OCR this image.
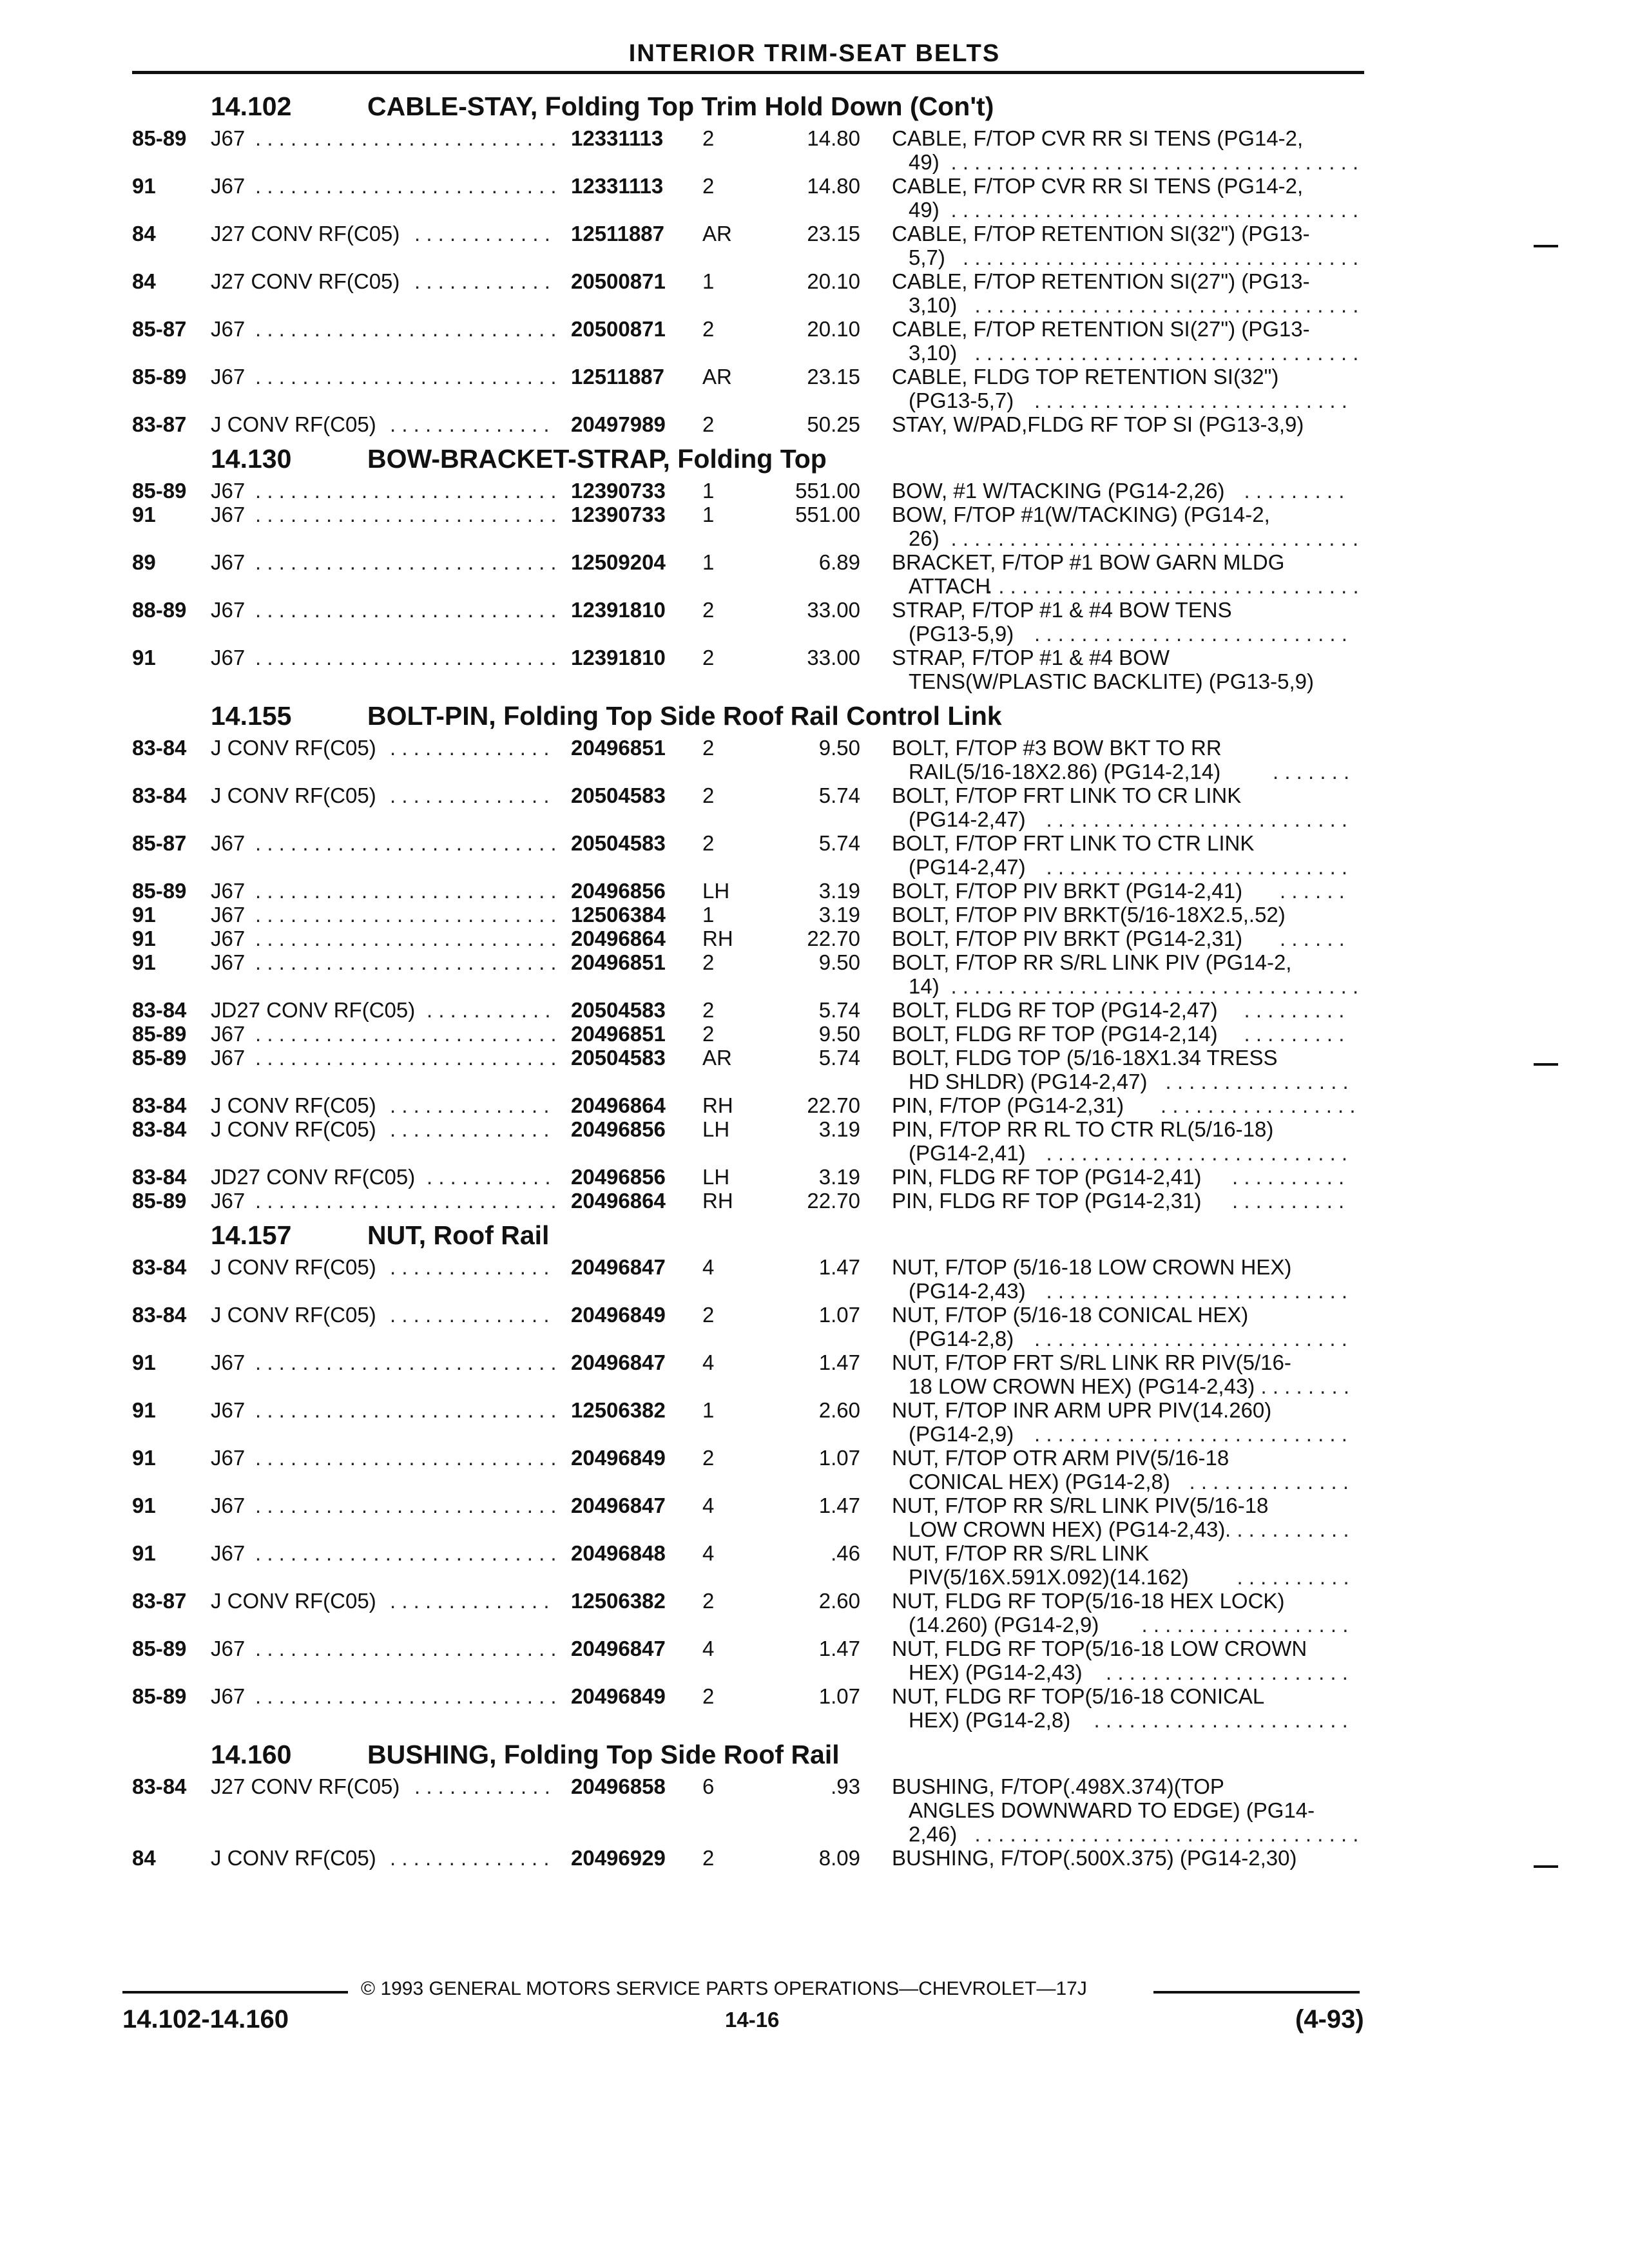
INTERIOR TRIM-SEAT BELTS
14.102	CABLE-STAY, Folding Top Trim Hold Down (Con't)
85-89 J67 . . . . . . . . . . . . . . . . . . . . . . . . . . 12331113 2	14.80 CABLE, F/TOP CVR RR SI TENS (PG14-2,
49) . . . . . . . . . . . . . . . . . . . . . . . . . . . . . . . . . . .
91	J67 . . . . . . . . . . . . . . . . . . . . . . . . . . 12331113 2	14.80 CABLE, F/TOP CVR RR SI TENS (PG14-2,
49) . . . . . . . . . . . . . . . . . . . . . . . . . . . . . . . . . . .
84	J27 CONV RF(C05) . . . . . . . . . . . . 12511887 AR	23.15 CABLE, F/TOP RETENTION SI(32") (PG13-
5,7) . . . . . . . . . . . . . . . . . . . . . . . . . . . . . . . . . .
84	J27 CONV RF(C05) . . . . . . . . . . . . 20500871 1	20.10 CABLE, F/TOP RETENTION SI(27") (PG13-
3,10) . . . . . . . . . . . . . . . . . . . . . . . . . . . . . . . . .
85-87 J67 . . . . . . . . . . . . . . . . . . . . . . . . . . 20500871 2	20.10 CABLE, F/TOP RETENTION SI(27") (PG13-
3,10) . . . . . . . . . . . . . . . . . . . . . . . . . . . . . . . . .
85-89 J67 . . . . . . . . . . . . . . . . . . . . . . . . . . 12511887 AR	23.15 CABLE, FLDG TOP RETENTION SI(32")
(PG13-5,7) . . . . . . . . . . . . . . . . . . . . . . . . . . .
83-87 J CONV RF(C05) . . . . . . . . . . . . . . 20497989 2	50.25 STAY, W/PAD,FLDG RF TOP SI (PG13-3,9)
14.130	BOW-BRACKET-STRAP, Folding Top
85-89 J67 . . . . . . . . . . . . . . . . . . . . . . . . . . 12390733 1	551.00 BOW, #1 W/TACKING (PG14-2,26) . . . . . . . . .
91	J67 . . . . . . . . . . . . . . . . . . . . . . . . . . 12390733 1	551.00 BOW, F/TOP #1(W/TACKING) (PG14-2,
26) . . . . . . . . . . . . . . . . . . . . . . . . . . . . . . . . . . .
89	J67 . . . . . . . . . . . . . . . . . . . . . . . . . . 12509204 1	6.89 BRACKET, F/TOP #1 BOW GARN MLDG
ATTACH
. . . . . . . . . . . . . . . . . . . . . . . . . . . . . . . .
88-89 J67 . . . . . . . . . . . . . . . . . . . . . . . . . . 12391810 2	33.00 STRAP, F/TOP #1 & #4 BOW TENS
(PG13-5,9) . . . . . . . . . . . . . . . . . . . . . . . . . . .
91	J67 . . . . . . . . . . . . . . . . . . . . . . . . . . 12391810 2	33.00 STRAP, F/TOP #1 & #4 BOW
TENS(W/PLASTIC BACKLITE) (PG13-5,9)
14.155	BOLT-PIN, Folding Top Side Roof Rail Control Link
83-84 J CONV RF(C05) . . . . . . . . . . . . . . 20496851 2	9.50 BOLT, F/TOP #3 BOW BKT TO RR
RAIL(5/16-18X2.86) (PG14-2,14) . . . . . . .
83-84 J CONV RF(C05) . . . . . . . . . . . . . . 20504583 2	5.74 BOLT, F/TOP FRT LINK TO CR LINK
(PG14-2,47) . . . . . . . . . . . . . . . . . . . . . . . . . .
85-87 J67 . . . . . . . . . . . . . . . . . . . . . . . . . . 20504583 2	5.74 BOLT, F/TOP FRT LINK TO CTR LINK
(PG14-2,47) . . . . . . . . . . . . . . . . . . . . . . . . . .
85-89 J67 . . . . . . . . . . . . . . . . . . . . . . . . . . 20496856 LH	3.19 BOLT, F/TOP PIV BRKT (PG14-2,41) . . . . . .
91	J67 . . . . . . . . . . . . . . . . . . . . . . . . . . 12506384 1	3.19 BOLT, F/TOP PIV BRKT(5/16-18X2.5,.52)
91	J67 . . . . . . . . . . . . . . . . . . . . . . . . . . 20496864 RH	22.70 BOLT, F/TOP PIV BRKT (PG14-2,31) . . . . . .
91	J67 . . . . . . . . . . . . . . . . . . . . . . . . . . 20496851 2	9.50 BOLT, F/TOP RR S/RL LINK PIV (PG14-2,
14) . . . . . . . . . . . . . . . . . . . . . . . . . . . . . . . . . . .
83-84 JD27 CONV RF(C05) . . . . . . . . . . . 20504583 2	5.74 BOLT, FLDG RF TOP (PG14-2,47) . . . . . . . . .
85-89 J67 . . . . . . . . . . . . . . . . . . . . . . . . . . 20496851 2	9.50 BOLT, FLDG RF TOP (PG14-2,14) . . . . . . . . .
85-89 J67 . . . . . . . . . . . . . . . . . . . . . . . . . . 20504583 AR	5.74 BOLT, FLDG TOP (5/16-18X1.34 TRESS
HD SHLDR) (PG14-2,47) . . . . . . . . . . . . . . . .
83-84 J CONV RF(C05) . . . . . . . . . . . . . . 20496864 RH	22.70 PIN, F/TOP (PG14-2,31) . . . . . . . . . . . . . . . . .
83-84 J CONV RF(C05) . . . . . . . . . . . . . . 20496856 LH	3.19 PIN, F/TOP RR RL TO CTR RL(5/16-18)
(PG14-2,41) . . . . . . . . . . . . . . . . . . . . . . . . . .
83-84 JD27 CONV RF(C05) . . . . . . . . . . . 20496856 LH	3.19 PIN, FLDG RF TOP (PG14-2,41) . . . . . . . . . .
85-89 J67 . . . . . . . . . . . . . . . . . . . . . . . . . . 20496864 RH	22.70 PIN, FLDG RF TOP (PG14-2,31) . . . . . . . . . .
14.157	NUT, Roof Rail
83-84 J CONV RF(C05) . . . . . . . . . . . . . . 20496847 4	1.47 NUT, F/TOP (5/16-18 LOW CROWN HEX)
(PG14-2,43) . . . . . . . . . . . . . . . . . . . . . . . . . .
83-84 J CONV RF(C05) . . . . . . . . . . . . . . 20496849 2	1.07 NUT, F/TOP (5/16-18 CONICAL HEX)
(PG14-2,8) . . . . . . . . . . . . . . . . . . . . . . . . . . .
91	J67 . . . . . . . . . . . . . . . . . . . . . . . . . . 20496847 4	1.47 NUT, F/TOP FRT S/RL LINK RR PIV(5/16-
18 LOW CROWN HEX) (PG14-2,43) . . . . . . . .
91	J67 . . . . . . . . . . . . . . . . . . . . . . . . . . 12506382 1	2.60 NUT, F/TOP INR ARM UPR PIV(14.260)
(PG14-2,9) . . . . . . . . . . . . . . . . . . . . . . . . . . .
91	J67 . . . . . . . . . . . . . . . . . . . . . . . . . . 20496849 2	1.07 NUT, F/TOP OTR ARM PIV(5/16-18
CONICAL HEX) (PG14-2,8) . . . . . . . . . . . . . .
91	J67 . . . . . . . . . . . . . . . . . . . . . . . . . . 20496847 4	1.47 NUT, F/TOP RR S/RL LINK PIV(5/16-18
LOW CROWN HEX) (PG14-2,43) . . . . . . . . . . .
91	J67 . . . . . . . . . . . . . . . . . . . . . . . . . . 20496848 4	.46 NUT, F/TOP RR S/RL LINK
PIV(5/16X.591X.092)(14.162) . . . . . . . . . .
83-87 J CONV RF(C05) . . . . . . . . . . . . . . 12506382 2	2.60 NUT, FLDG RF TOP(5/16-18 HEX LOCK)
(14.260) (PG14-2,9) . . . . . . . . . . . . . . . . . .
85-89 J67 . . . . . . . . . . . . . . . . . . . . . . . . . . 20496847 4	1.47 NUT, FLDG RF TOP(5/16-18 LOW CROWN
HEX) (PG14-2,43) . . . . . . . . . . . . . . . . . . . . .
85-89 J67 . . . . . . . . . . . . . . . . . . . . . . . . . . 20496849 2	1.07 NUT, FLDG RF TOP(5/16-18 CONICAL
HEX) (PG14-2,8) . . . . . . . . . . . . . . . . . . . . . .
14.160	BUSHING, Folding Top Side Roof Rail
83-84 J27 CONV RF(C05) . . . . . . . . . . . . 20496858 6	.93 BUSHING, F/TOP(.498X.374)(TOP
ANGLES DOWNWARD TO EDGE) (PG14-
2,46) . . . . . . . . . . . . . . . . . . . . . . . . . . . . . . . . .
84	J CONV RF(C05) . . . . . . . . . . . . . . 20496929 2	8.09 BUSHING, F/TOP(.500X.375) (PG14-2,30)
© 1993 GENERAL MOTORS SERVICE PARTS OPERATIONS—CHEVROLET—17J
14.102-14.160	14-16	(4-93)
